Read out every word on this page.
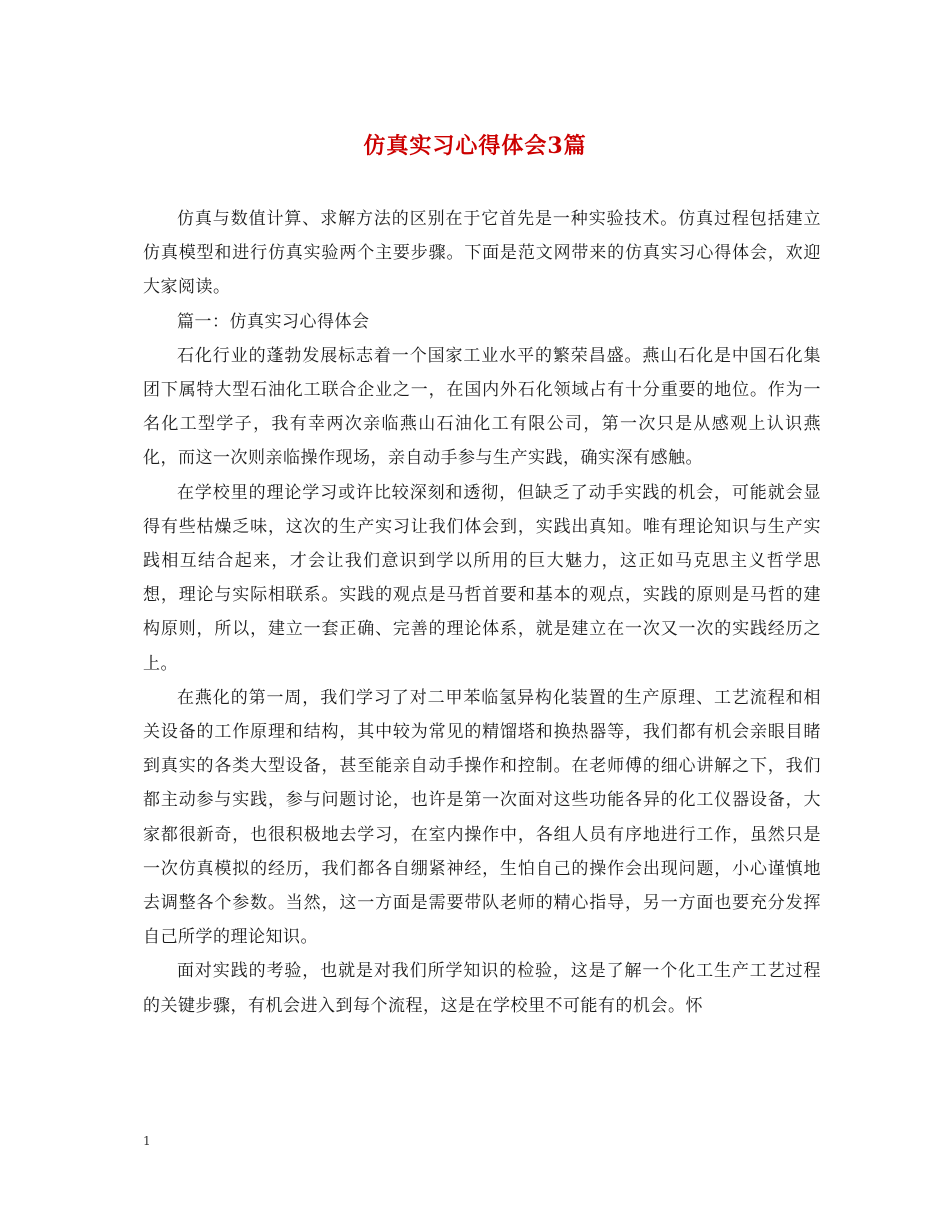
仿真实习心得体会3篇

仿真与数值计算、求解方法的区别在于它首先是一种实验技术。仿真过程包括建立仿真模型和进行仿真实验两个主要步骤。下面是范文网带来的仿真实习心得体会，欢迎大家阅读。

篇一：仿真实习心得体会

石化行业的蓬勃发展标志着一个国家工业水平的繁荣昌盛。燕山石化是中国石化集团下属特大型石油化工联合企业之一，在国内外石化领域占有十分重要的地位。作为一名化工型学子，我有幸两次亲临燕山石油化工有限公司，第一次只是从感观上认识燕化，而这一次则亲临操作现场，亲自动手参与生产实践，确实深有感触。

在学校里的理论学习或许比较深刻和透彻，但缺乏了动手实践的机会，可能就会显得有些枯燥乏味，这次的生产实习让我们体会到，实践出真知。唯有理论知识与生产实践相互结合起来，才会让我们意识到学以所用的巨大魅力，这正如马克思主义哲学思想，理论与实际相联系。实践的观点是马哲首要和基本的观点，实践的原则是马哲的建构原则，所以，建立一套正确、完善的理论体系，就是建立在一次又一次的实践经历之上。

在燕化的第一周，我们学习了对二甲苯临氢异构化装置的生产原理、工艺流程和相关设备的工作原理和结构，其中较为常见的精馏塔和换热器等，我们都有机会亲眼目睹到真实的各类大型设备，甚至能亲自动手操作和控制。在老师傅的细心讲解之下，我们都主动参与实践，参与问题讨论，也许是第一次面对这些功能各异的化工仪器设备，大家都很新奇，也很积极地去学习，在室内操作中，各组人员有序地进行工作，虽然只是一次仿真模拟的经历，我们都各自绷紧神经，生怕自己的操作会出现问题，小心谨慎地去调整各个参数。当然，这一方面是需要带队老师的精心指导，另一方面也要充分发挥自己所学的理论知识。

面对实践的考验，也就是对我们所学知识的检验，这是了解一个化工生产工艺过程的关键步骤，有机会进入到每个流程，这是在学校里不可能有的机会。怀

1
